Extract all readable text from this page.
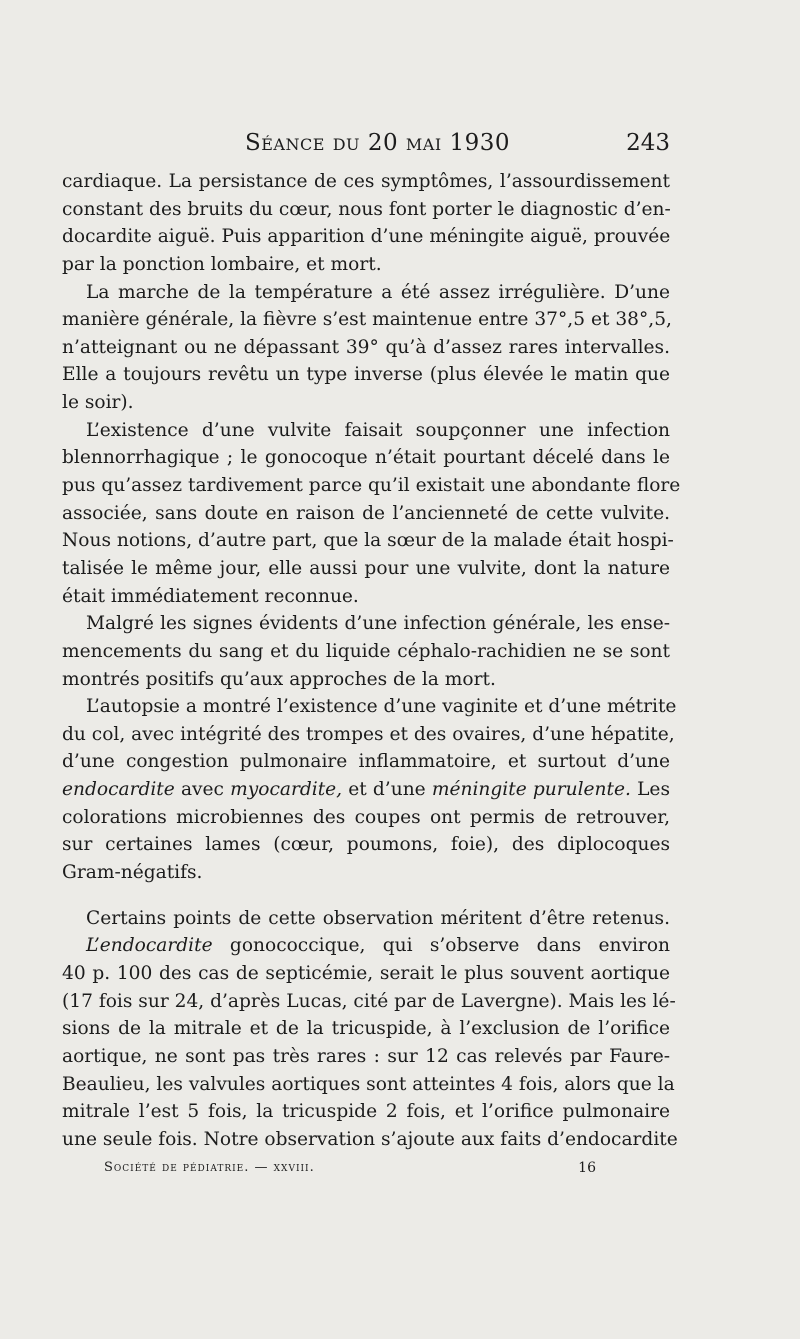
Séance du 20 mai 1930	243
cardiaque. La persistance de ces symptômes, l’assourdissement
constant des bruits du cœur, nous font porter le diagnostic d’en-
docardite aiguë. Puis apparition d’une méningite aiguë, prouvée
par la ponction lombaire, et mort.
La marche de la température a été assez irrégulière. D’une
manière générale, la fièvre s’est maintenue entre 37°,5 et 38°,5,
n’atteignant ou ne dépassant 39° qu’à d’assez rares intervalles.
Elle a toujours revêtu un type inverse (plus élevée le matin que
le soir).
L’existence d’une vulvite faisait soupçonner une infection
blennorrhagique ; le gonocoque n’était pourtant décelé dans le
pus qu’assez tardivement parce qu’il existait une abondante flore
associée, sans doute en raison de l’ancienneté de cette vulvite.
Nous notions, d’autre part, que la sœur de la malade était hospi-
talisée le même jour, elle aussi pour une vulvite, dont la nature
était immédiatement reconnue.
Malgré les signes évidents d’une infection générale, les ense-
mencements du sang et du liquide céphalo-rachidien ne se sont
montrés positifs qu’aux approches de la mort.
L’autopsie a montré l’existence d’une vaginite et d’une métrite
du col, avec intégrité des trompes et des ovaires, d’une hépatite,
d’une congestion pulmonaire inflammatoire, et surtout d’une
endocardite avec myocardite, et d’une méningite purulente. Les
colorations microbiennes des coupes ont permis de retrouver,
sur certaines lames (cœur, poumons, foie), des diplocoques
Gram-négatifs.
Certains points de cette observation méritent d’être retenus.
L’endocardite gonococcique, qui s’observe dans environ
40 p. 100 des cas de septicémie, serait le plus souvent aortique
(17 fois sur 24, d’après Lucas, cité par de Lavergne). Mais les lé-
sions de la mitrale et de la tricuspide, à l’exclusion de l’orifice
aortique, ne sont pas très rares : sur 12 cas relevés par Faure-
Beaulieu, les valvules aortiques sont atteintes 4 fois, alors que la
mitrale l’est 5 fois, la tricuspide 2 fois, et l’orifice pulmonaire
une seule fois. Notre observation s’ajoute aux faits d’endocardite
Société de pédiatrie. — xxviii.	16
